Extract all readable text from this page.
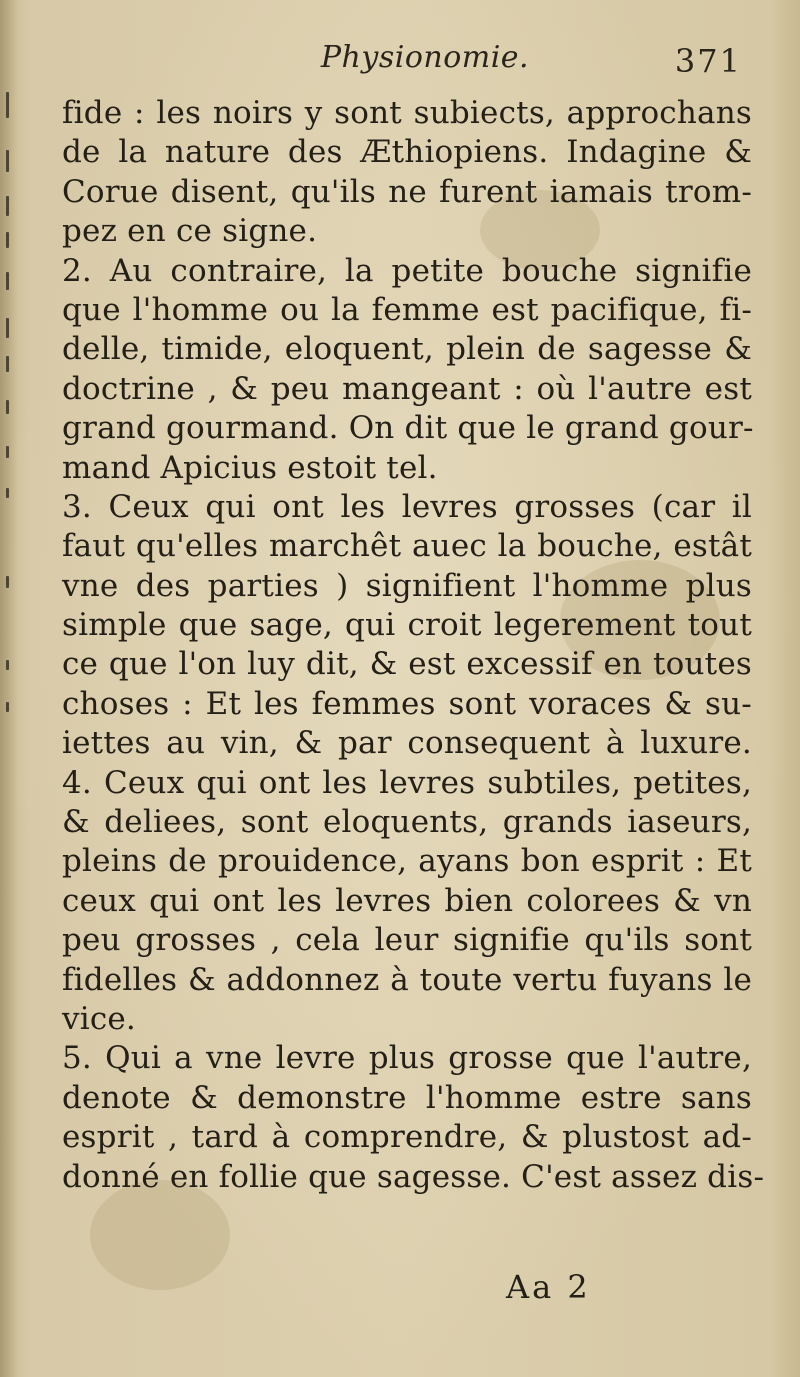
Physionomie.	371
fide : les noirs y sont subiects, approchans
de la nature des Æthiopiens. Indagine &
Corue disent, qu'ils ne furent iamais trom-
pez en ce signe.
2. Au contraire, la petite bouche signifie
que l'homme ou la femme est pacifique, fi-
delle, timide, eloquent, plein de sagesse &
doctrine , & peu mangeant : où l'autre est
grand gourmand. On dit que le grand gour-
mand Apicius estoit tel.
3. Ceux qui ont les levres grosses (car il
faut qu'elles marchêt auec la bouche, estât
vne des parties ) signifient l'homme plus
simple que sage, qui croit legerement tout
ce que l'on luy dit, & est excessif en toutes
choses : Et les femmes sont voraces & su-
iettes au vin, & par consequent à luxure.
4. Ceux qui ont les levres subtiles, petites,
& deliees, sont eloquents, grands iaseurs,
pleins de prouidence, ayans bon esprit : Et
ceux qui ont les levres bien colorees & vn
peu grosses , cela leur signifie qu'ils sont
fidelles & addonnez à toute vertu fuyans le
vice.
5. Qui a vne levre plus grosse que l'autre,
denote & demonstre l'homme estre sans
esprit , tard à comprendre, & plustost ad-
donné en follie que sagesse. C'est assez dis-
Aa 2
